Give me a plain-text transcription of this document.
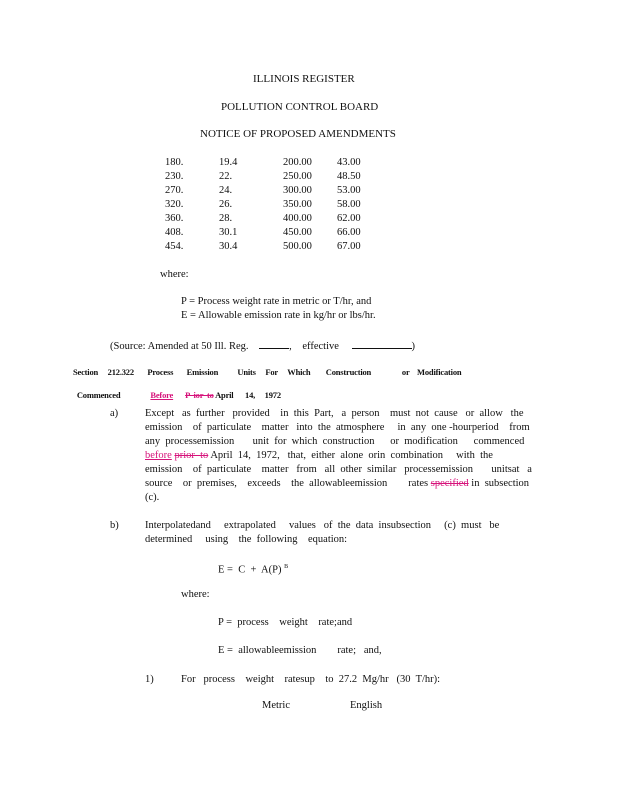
ILLINOIS REGISTER
POLLUTION CONTROL BOARD
NOTICE OF PROPOSED AMENDMENTS
180.	19.4	200.00 43.00
230.	22.	250.00 48.50
270.	24.	300.00 53.00
320.	26.	350.00 58.00
360.	28.	400.00 62.00
408.	30.1	450.00 66.00
454.	30.4	500.00 67.00
where:
P = Process weight rate in metric or T/hr, and
E = Allowable emission rate in kg/hr or lbs/hr.
(Source: Amended at 50 Ill. Reg.	, effective	)
Section     212.322       Process       Emission          Units     For     Which        Construction                or    Modification

Commenced	Before P  ior  to April      14,     1972

a)	Except   as  further   provided    in  this  Part,   a  person    must  not  cause   or  allow   the
emission    of  particulate    matter   into  the  atmosphere     in  any  one -hourperiod    from
any  processemission       unit  for  which  construction      or  modification      commenced
before prior  to April  14,  1972,   that,  either  alone  orin  combination     with  the
emission    of  particulate    matter   from   all  other  similar   processemission       unitsat   a
source    or  premises,    exceeds    the  allowableemission        rates specified in  subsection
(c).
b)	Interpolatedand     extrapolated     values   of  the  data  insubsection     (c)  must   be
determined     using    the  following    equation:
E =  C  +  A(P) $^B$
where:
P =  process    weight    rate;and
E =  allowableemission        rate;   and,
1)	For   process    weight    ratesup    to  27.2  Mg/hr   (30  T/hr):
Metric	English
